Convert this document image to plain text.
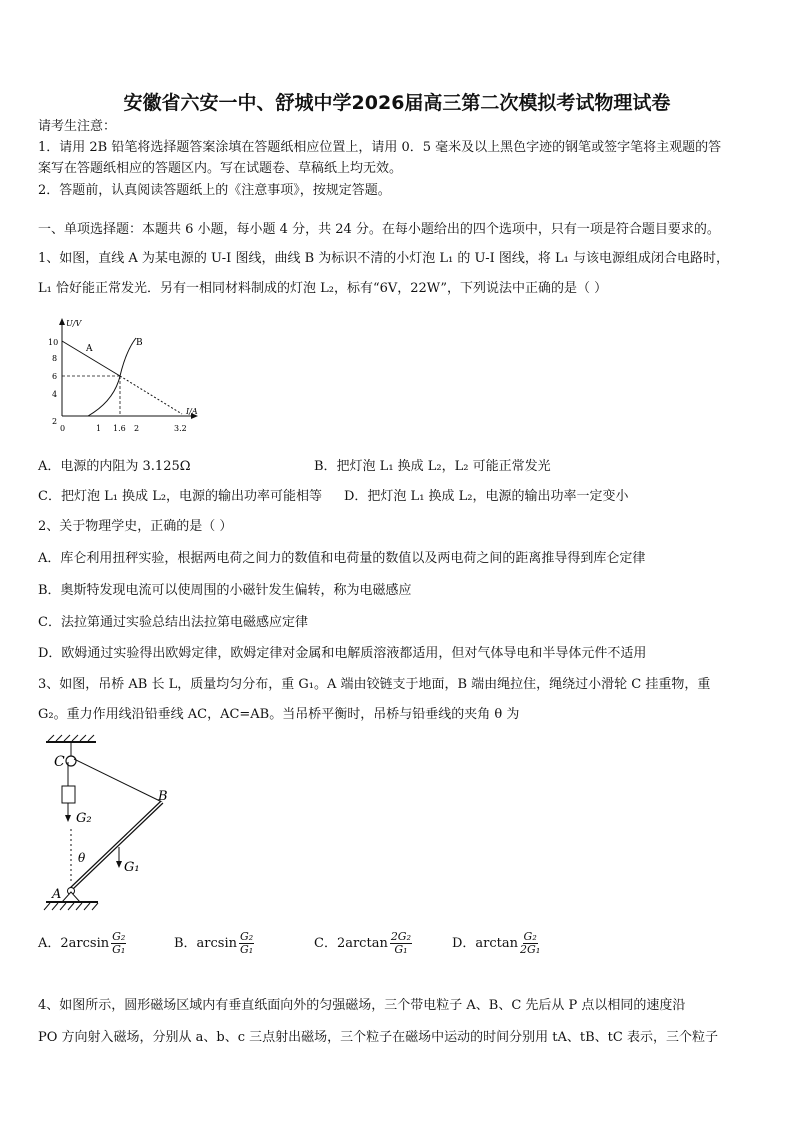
安徽省六安一中、舒城中学2026届高三第二次模拟考试物理试卷
请考生注意：
1．请用 2B 铅笔将选择题答案涂填在答题纸相应位置上，请用 0．5 毫米及以上黑色字迹的钢笔或签字笔将主观题的答
案写在答题纸相应的答题区内。写在试题卷、草稿纸上均无效。
2．答题前，认真阅读答题纸上的《注意事项》，按规定答题。
一、单项选择题：本题共 6 小题，每小题 4 分，共 24 分。在每小题给出的四个选项中，只有一项是符合题目要求的。
1、如图，直线 A 为某电源的 U-I 图线，曲线 B 为标识不清的小灯泡 L₁ 的 U-I 图线，将 L₁ 与该电源组成闭合电路时，
L₁ 恰好能正常发光．另有一相同材料制成的灯泡 L₂，标有“6V，22W”，下列说法中正确的是（ ）
U/V
I/A
10
8
6
4
2
0	1 1.6 2	3.2
A
B
A．电源的内阻为 3.125Ω	B．把灯泡 L₁ 换成 L₂，L₂ 可能正常发光
C．把灯泡 L₁ 换成 L₂，电源的输出功率可能相等 D．把灯泡 L₁ 换成 L₂，电源的输出功率一定变小
2、关于物理学史，正确的是（ ）
A．库仑利用扭秤实验，根据两电荷之间力的数值和电荷量的数值以及两电荷之间的距离推导得到库仑定律
B．奥斯特发现电流可以使周围的小磁针发生偏转，称为电磁感应
C．法拉第通过实验总结出法拉第电磁感应定律
D．欧姆通过实验得出欧姆定律，欧姆定律对金属和电解质溶液都适用，但对气体导电和半导体元件不适用
3、如图，吊桥 AB 长 L，质量均匀分布，重 G₁。A 端由铰链支于地面，B 端由绳拉住，绳绕过小滑轮 C 挂重物，重
G₂。重力作用线沿铅垂线 AC，AC=AB。当吊桥平衡时，吊桥与铅垂线的夹角 θ 为
C
G₂
B
G₁
θ
A
A．$2\arcsin \frac{\text{G₂}}{\text{G₁}}$	B．$\arcsin \frac{\text{G₂}}{\text{G₁}}$	C．$2\arctan \frac{\text{2G₂}}{\text{G₁}}$	D．$\arctan \frac{\text{G₂}}{\text{2G₁}}$
4、如图所示，圆形磁场区域内有垂直纸面向外的匀强磁场，三个带电粒子 A、B、C 先后从 P 点以相同的速度沿
PO 方向射入磁场，分别从 a、b、c 三点射出磁场，三个粒子在磁场中运动的时间分别用 tA、tB、tC 表示，三个粒子
